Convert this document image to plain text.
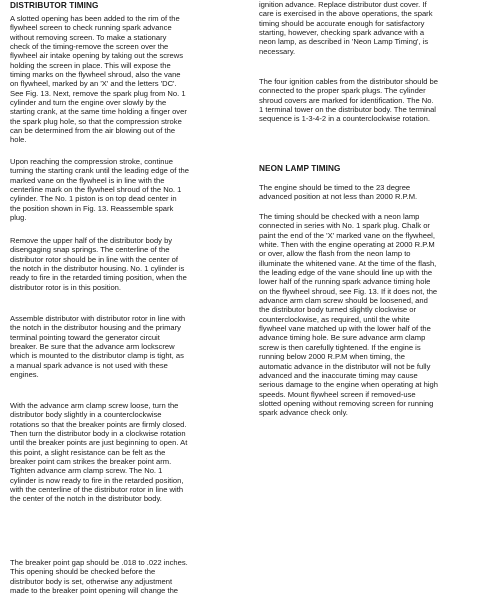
DISTRIBUTOR TIMING
A slotted opening has been added to the rim of the
flywheel screen to check running spark advance
without removing screen. To make a stationary
check of the timing-remove the screen over the
flywheel air intake opening by taking out the screws
holding the screen in place. This will expose the
timing marks on the flywheel shroud, also the vane
on flywheel, marked by an 'X' and the letters 'DC'.
See Fig. 13. Next, remove the spark plug from No. 1
cylinder and turn the engine over slowly by the
starting crank, at the same time holding a finger over
the spark plug hole, so that the compression stroke
can be determined from the air blowing out of the
hole.
Upon reaching the compression stroke, continue
turning the starting crank until the leading edge of the
marked vane on the flywheel is in line with the
centerline mark on the flywheel shroud of the No. 1
cylinder. The No. 1 piston is on top dead center in
the position shown in Fig. 13. Reassemble spark
plug.
Remove the upper half of the distributor body by
disengaging snap springs. The centerline of the
distributor rotor should be in line with the center of
the notch in the distributor housing. No. 1 cylinder is
ready to fire in the retarded timing position, when the
distributor rotor is in this position.
Assemble distributor with distributor rotor in line with
the notch in the distributor housing and the primary
terminal pointing toward the generator circuit
breaker. Be sure that the advance arm lockscrew
which is mounted to the distributor clamp is tight, as
a manual spark advance is not used with these
engines.
With the advance arm clamp screw loose, turn the
distributor body slightly in a counterclockwise
rotations so that the breaker points are firmly closed.
Then turn the distributor body in a clockwise rotation
until the breaker points are just beginning to open. At
this point, a slight resistance can be felt as the
breaker point cam strikes the breaker point arm.
Tighten advance arm clamp screw. The No. 1
cylinder is now ready to fire in the retarded position,
with the centerline of the distributor rotor in line with
the center of the notch in the distributor body.
The breaker point gap should be .018 to .022 inches.
This opening should be checked before the
distributor body is set, otherwise any adjustment
made to the breaker point opening will change the
ignition advance. Replace distributor dust cover. If
care is exercised in the above operations, the spark
timing should be accurate enough for satisfactory
starting, however, checking spark advance with a
neon lamp, as described in 'Neon Lamp Timing', is
necessary.
The four ignition cables from the distributor should be
connected to the proper spark plugs. The cylinder
shroud covers are marked for identification. The No.
1 terminal tower on the distributor body. The terminal
sequence is 1-3-4-2 in a counterclockwise rotation.
NEON LAMP TIMING
The engine should be timed to the 23 degree
advanced position at not less than 2000 R.P.M.
The timing should be checked with a neon lamp
connected in series with No. 1 spark plug. Chalk or
paint the end of the 'X' marked vane on the flywheel,
white. Then with the engine operating at 2000 R.P.M
or over, allow the flash from the neon lamp to
illuminate the whitened vane. At the time of the flash,
the leading edge of the vane should line up with the
lower half of the running spark advance timing hole
on the flywheel shroud, see Fig. 13. If it does not, the
advance arm clam screw should be loosened, and
the distributor body turned slightly clockwise or
counterclockwise, as required, until the white
flywheel vane matched up with the lower half of the
advance timing hole. Be sure advance arm clamp
screw is then carefully tightened. If the engine is
running below 2000 R.P.M when timing, the
automatic advance in the distributor will not be fully
advanced and the inaccurate timing may cause
serious damage to the engine when operating at high
speeds. Mount flywheel screen if removed-use
slotted opening without removing screen for running
spark advance check only.
